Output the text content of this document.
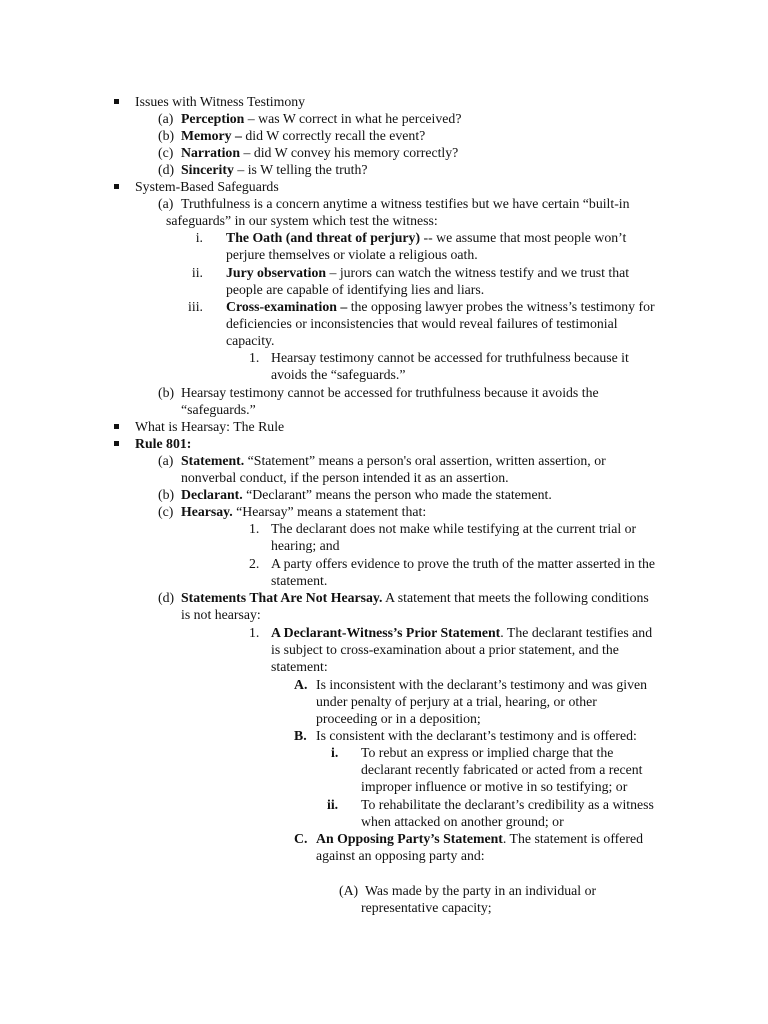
Issues with Witness Testimony
(a) Perception – was W correct in what he perceived?
(b) Memory – did W correctly recall the event?
(c) Narration – did W convey his memory correctly?
(d) Sincerity – is W telling the truth?
System-Based Safeguards
(a) Truthfulness is a concern anytime a witness testifies but we have certain “built-in
safeguards” in our system which test the witness:
i. The Oath (and threat of perjury) -- we assume that most people won’t
perjure themselves or violate a religious oath.
ii. Jury observation – jurors can watch the witness testify and we trust that
people are capable of identifying lies and liars.
iii. Cross-examination – the opposing lawyer probes the witness’s testimony for
deficiencies or inconsistencies that would reveal failures of testimonial
capacity.
1. Hearsay testimony cannot be accessed for truthfulness because it
avoids the “safeguards.”
(b) Hearsay testimony cannot be accessed for truthfulness because it avoids the
“safeguards.”
What is Hearsay: The Rule
Rule 801:
(a) Statement. “Statement” means a person's oral assertion, written assertion, or
nonverbal conduct, if the person intended it as an assertion.
(b) Declarant. “Declarant” means the person who made the statement.
(c) Hearsay. “Hearsay” means a statement that:
1. The declarant does not make while testifying at the current trial or
hearing; and
2. A party offers evidence to prove the truth of the matter asserted in the
statement.
(d) Statements That Are Not Hearsay. A statement that meets the following conditions
is not hearsay:
1. A Declarant-Witness’s Prior Statement. The declarant testifies and
is subject to cross-examination about a prior statement, and the
statement:
A. Is inconsistent with the declarant’s testimony and was given
under penalty of perjury at a trial, hearing, or other
proceeding or in a deposition;
B. Is consistent with the declarant’s testimony and is offered:
i. To rebut an express or implied charge that the
declarant recently fabricated or acted from a recent
improper influence or motive in so testifying; or
ii. To rehabilitate the declarant’s credibility as a witness
when attacked on another ground; or
C. An Opposing Party’s Statement. The statement is offered
against an opposing party and:
(A) Was made by the party in an individual or
representative capacity;
